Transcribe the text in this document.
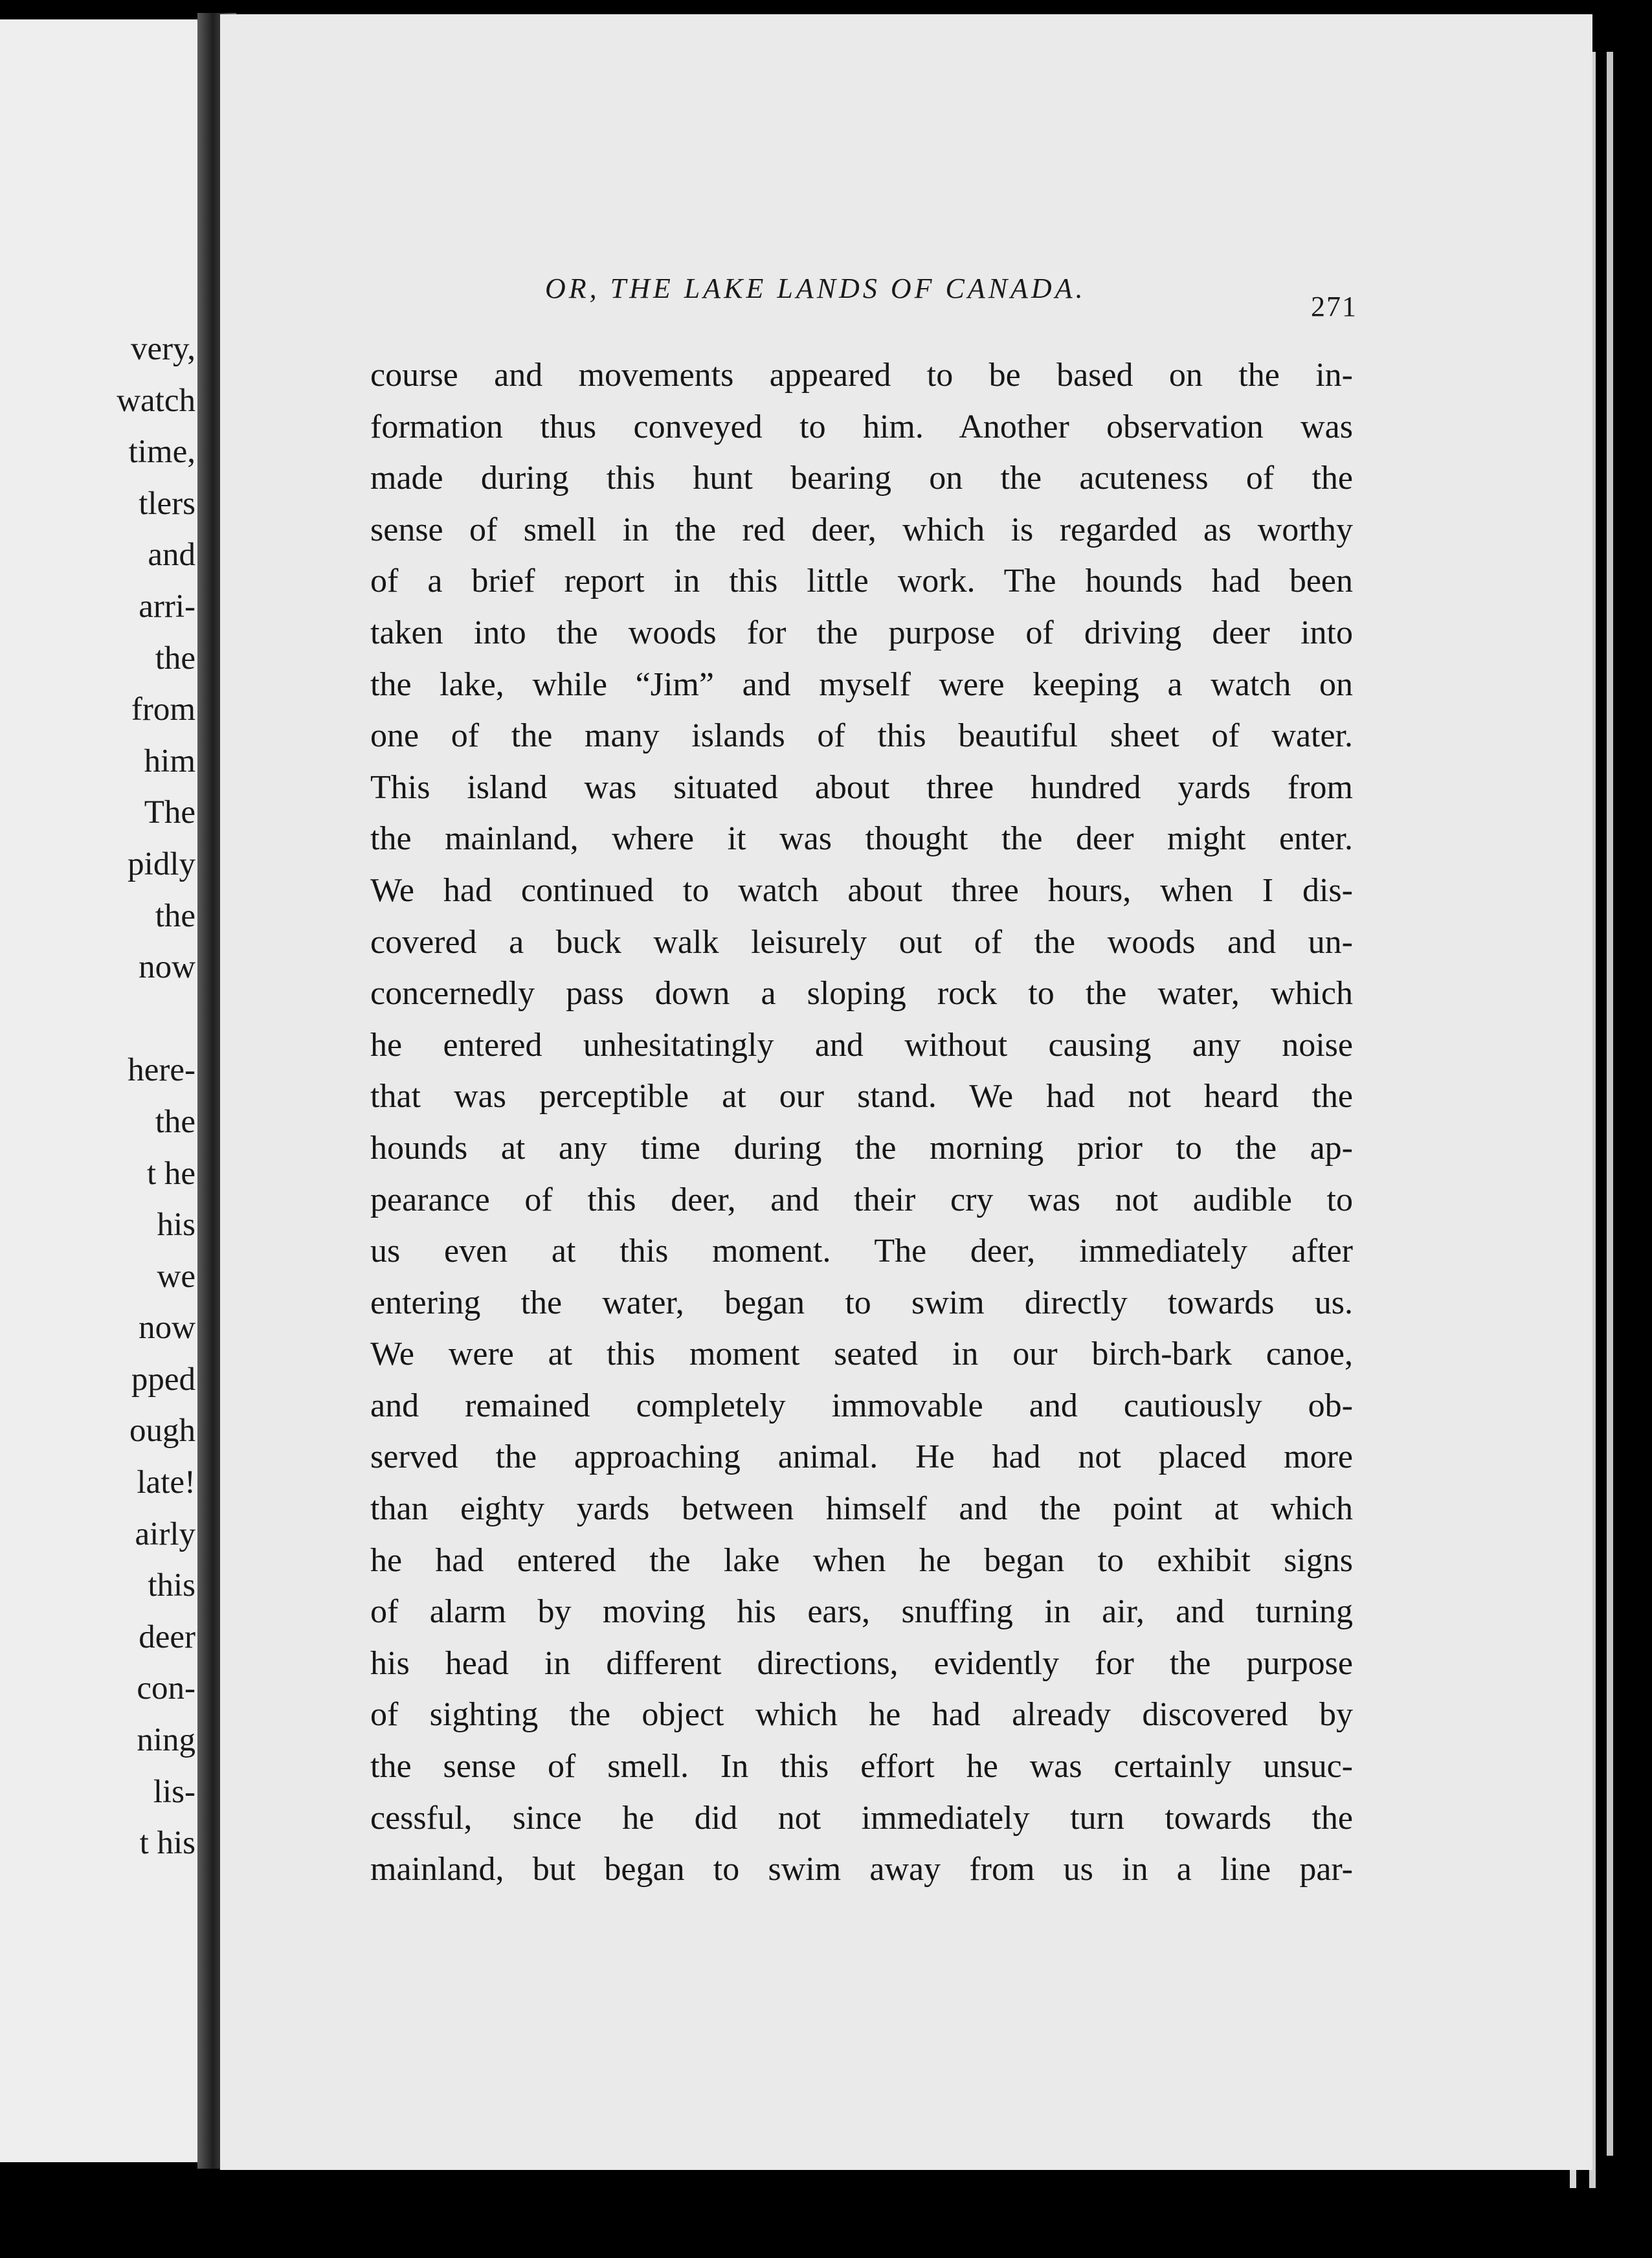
very,
watch
time,
tlers
and
arri-
the
from
him
The
pidly
the
now
here-
the
t he
his
we
now
pped
ough
late!
airly
this
deer
con-
ning
lis-
t his
OR, THE LAKE LANDS OF CANADA.
271
course and movements appeared to be based on the in-
formation thus conveyed to him. Another observation was
made during this hunt bearing on the acuteness of the
sense of smell in the red deer, which is regarded as worthy
of a brief report in this little work. The hounds had been
taken into the woods for the purpose of driving deer into
the lake, while “Jim” and myself were keeping a watch on
one of the many islands of this beautiful sheet of water.
This island was situated about three hundred yards from
the mainland, where it was thought the deer might enter.
We had continued to watch about three hours, when I dis-
covered a buck walk leisurely out of the woods and un-
concernedly pass down a sloping rock to the water, which
he entered unhesitatingly and without causing any noise
that was perceptible at our stand. We had not heard the
hounds at any time during the morning prior to the ap-
pearance of this deer, and their cry was not audible to
us even at this moment. The deer, immediately after
entering the water, began to swim directly towards us.
We were at this moment seated in our birch-bark canoe,
and remained completely immovable and cautiously ob-
served the approaching animal. He had not placed more
than eighty yards between himself and the point at which
he had entered the lake when he began to exhibit signs
of alarm by moving his ears, snuffing in air, and turning
his head in different directions, evidently for the purpose
of sighting the object which he had already discovered by
the sense of smell. In this effort he was certainly unsuc-
cessful, since he did not immediately turn towards the
mainland, but began to swim away from us in a line par-
